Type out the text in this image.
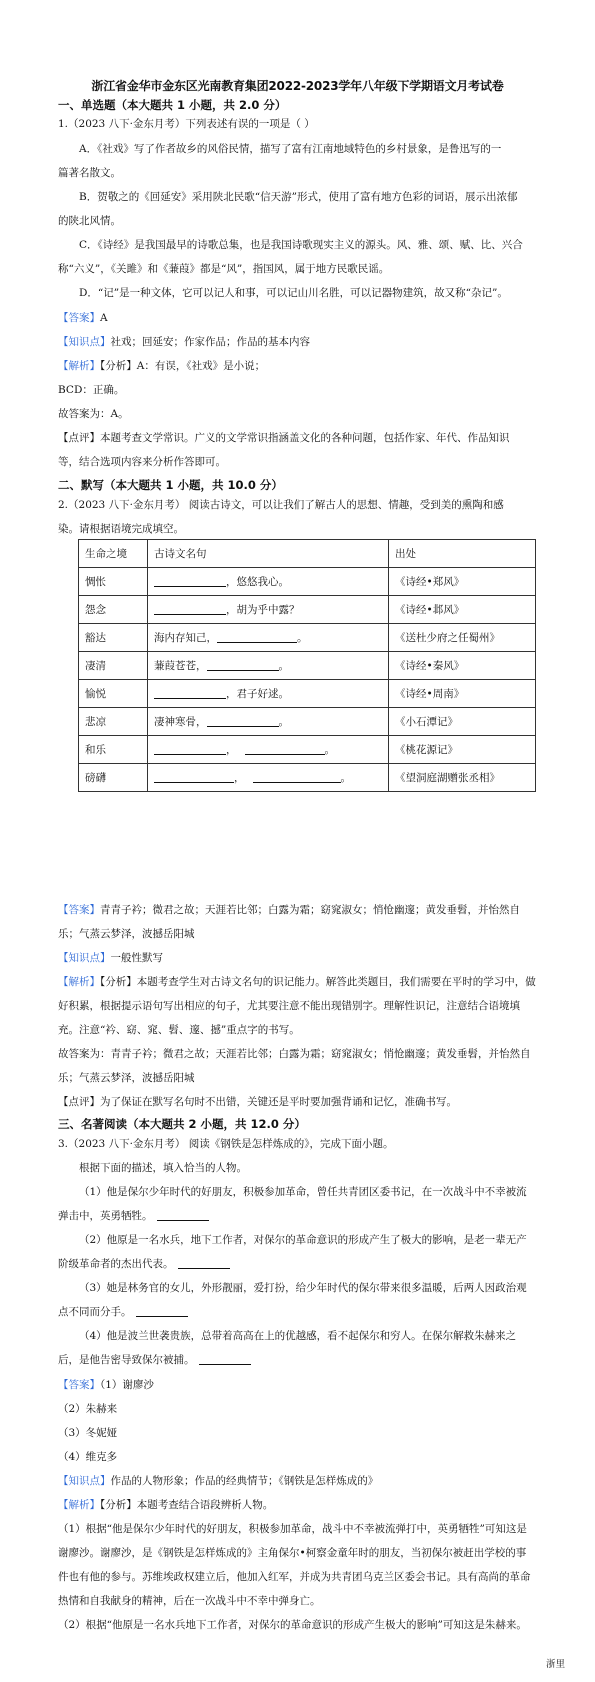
浙江省金华市金东区光南教育集团2022-2023学年八年级下学期语文月考试卷
一、单选题（本大题共 1 小题，共 2.0 分）
1.（2023 八下·金东月考）下列表述有误的一项是（ ）
A．《社戏》写了作者故乡的风俗民情，描写了富有江南地域特色的乡村景象，是鲁迅写的一
篇著名散文。
B．贺敬之的《回延安》采用陕北民歌“信天游”形式，使用了富有地方色彩的词语，展示出浓郁
的陕北风情。
C．《诗经》是我国最早的诗歌总集，也是我国诗歌现实主义的源头。风、雅、颂、赋、比、兴合
称“六义”，《关雎》和《蒹葭》都是“风”，指国风，属于地方民歌民谣。
D．“记”是一种文体，它可以记人和事，可以记山川名胜，可以记器物建筑，故又称“杂记”。
【答案】A
【知识点】社戏；回延安；作家作品；作品的基本内容
【解析】【分析】A：有误，《社戏》是小说；
BCD：正确。
故答案为：A。
【点评】本题考查文学常识。广义的文学常识指涵盖文化的各种问题，包括作家、年代、作品知识
等，结合选项内容来分析作答即可。
二、默写（本大题共 1 小题，共 10.0 分）
2.（2023 八下·金东月考） 阅读古诗文，可以让我们了解古人的思想、情趣，受到美的熏陶和感
染。请根据语境完成填空。
生命之境	古诗文名句	出处
惆怅	，悠悠我心。	《诗经•郑风》
怨念	，胡为乎中露？	《诗经•邶风》
豁达	海内存知己， 。	《送杜少府之任蜀州》
凄清	蒹葭苍苍， 。	《诗经•秦风》
愉悦	，君子好逑。	《诗经•周南》
悲凉	凄神寒骨， 。	《小石潭记》
和乐	， 。	《桃花源记》
磅礴	， 。	《望洞庭湖赠张丞相》
【答案】青青子衿；微君之故；天涯若比邻；白露为霜；窈窕淑女；悄怆幽邃；黄发垂髫，并怡然自乐；气蒸云梦泽，波撼岳阳城
【知识点】一般性默写
【解析】【分析】本题考查学生对古诗文名句的识记能力。解答此类题目，我们需要在平时的学习中，做好积累，根据提示语句写出相应的句子，尤其要注意不能出现错别字。理解性识记，注意结合语境填充。注意“衿、窈、窕、髫、邃、撼”重点字的书写。
故答案为：青青子衿；微君之故；天涯若比邻；白露为霜；窈窕淑女；悄怆幽邃；黄发垂髫，并怡然自乐；气蒸云梦泽，波撼岳阳城
【点评】为了保证在默写名句时不出错，关键还是平时要加强背诵和记忆，准确书写。
三、名著阅读（本大题共 2 小题，共 12.0 分）
3.（2023 八下·金东月考） 阅读《钢铁是怎样炼成的》，完成下面小题。
根据下面的描述，填入恰当的人物。
（1）他是保尔少年时代的好朋友，积极参加革命，曾任共青团区委书记，在一次战斗中不幸被流弹击中，英勇牺牲。
（2）他原是一名水兵，地下工作者，对保尔的革命意识的形成产生了极大的影响，是老一辈无产阶级革命者的杰出代表。
（3）她是林务官的女儿，外形靓丽，爱打扮，给少年时代的保尔带来很多温暖，后两人因政治观点不同而分手。
（4）他是波兰世袭贵族，总带着高高在上的优越感，看不起保尔和穷人。在保尔解救朱赫来之后，是他告密导致保尔被捕。
【答案】（1）谢廖沙
（2）朱赫来
（3）冬妮娅
（4）维克多
【知识点】作品的人物形象；作品的经典情节；《钢铁是怎样炼成的》
【解析】【分析】本题考查结合语段辨析人物。
（1）根据“他是保尔少年时代的好朋友，积极参加革命，战斗中不幸被流弹打中，英勇牺牲”可知这是谢廖沙。谢廖沙，是《钢铁是怎样炼成的》主角保尔•柯察金童年时的朋友，当初保尔被赶出学校的事件也有他的参与。苏维埃政权建立后，他加入红军，并成为共青团乌克兰区委会书记。具有高尚的革命热情和自我献身的精神，后在一次战斗中不幸中弹身亡。
（2）根据“他原是一名水兵地下工作者，对保尔的革命意识的形成产生极大的影响”可知这是朱赫来。
浙里
